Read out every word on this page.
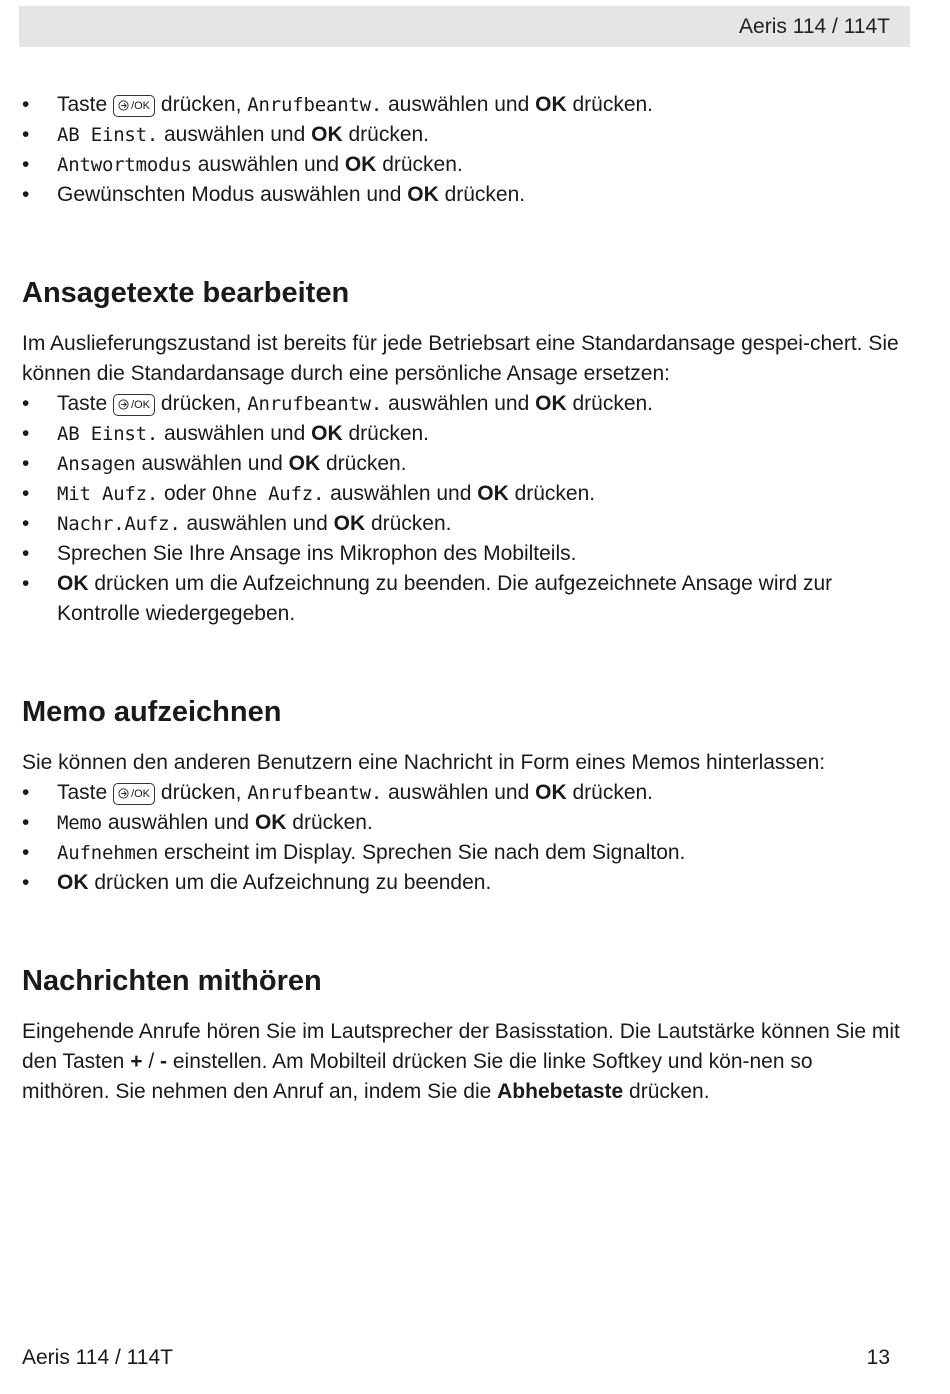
Aeris 114 / 114T
• Taste /OK drücken, Anrufbeantw. auswählen und OK drücken.
• AB Einst. auswählen und OK drücken.
• Antwortmodus auswählen und OK drücken.
• Gewünschten Modus auswählen und OK drücken.
Ansagetexte bearbeiten

Im Auslieferungszustand ist bereits für jede Betriebsart eine Standardansage gespei-chert. Sie können die Standardansage durch eine persönliche Ansage ersetzen:

• Taste /OK drücken, Anrufbeantw. auswählen und OK drücken.
• AB Einst. auswählen und OK drücken.
• Ansagen auswählen und OK drücken.
• Mit Aufz. oder Ohne Aufz. auswählen und OK drücken.
• Nachr.Aufz. auswählen und OK drücken.
• Sprechen Sie Ihre Ansage ins Mikrophon des Mobilteils.
• OK drücken um die Aufzeichnung zu beenden. Die aufgezeichnete Ansage wird zur Kontrolle wiedergegeben.
Memo aufzeichnen

Sie können den anderen Benutzern eine Nachricht in Form eines Memos hinterlassen:

• Taste /OK drücken, Anrufbeantw. auswählen und OK drücken.
• Memo auswählen und OK drücken.
• Aufnehmen erscheint im Display. Sprechen Sie nach dem Signalton.
• OK drücken um die Aufzeichnung zu beenden.
Nachrichten mithören

Eingehende Anrufe hören Sie im Lautsprecher der Basisstation. Die Lautstärke können Sie mit den Tasten + / - einstellen. Am Mobilteil drücken Sie die linke Softkey und kön-nen so mithören. Sie nehmen den Anruf an, indem Sie die Abhebetaste drücken.

Aeris 114 / 114T	13
